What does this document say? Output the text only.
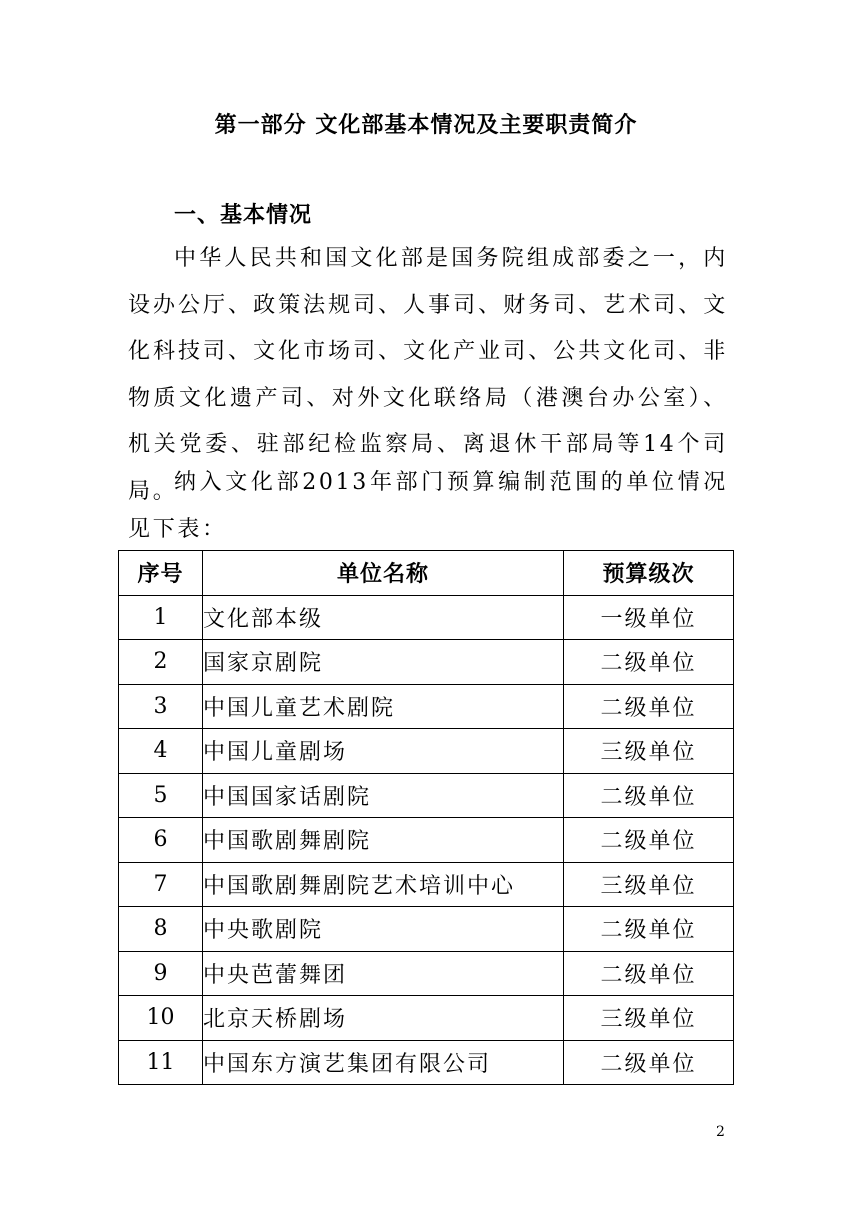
第一部分 文化部基本情况及主要职责简介
一、基本情况

中华人民共和国文化部是国务院组成部委之一，内设办公厅、政策法规司、人事司、财务司、艺术司、文化科技司、文化市场司、文化产业司、公共文化司、非物质文化遗产司、对外文化联络局（港澳台办公室）、机关党委、驻部纪检监察局、离退休干部局等14个司局。

纳入文化部2013年部门预算编制范围的单位情况见下表：

序号	单位名称	预算级次
1	文化部本级	一级单位
2	国家京剧院	二级单位
3	中国儿童艺术剧院	二级单位
4	中国儿童剧场	三级单位
5	中国国家话剧院	二级单位
6	中国歌剧舞剧院	二级单位
7	中国歌剧舞剧院艺术培训中心	三级单位
8	中央歌剧院	二级单位
9	中央芭蕾舞团	二级单位
10	北京天桥剧场	三级单位
11	中国东方演艺集团有限公司	二级单位
2
